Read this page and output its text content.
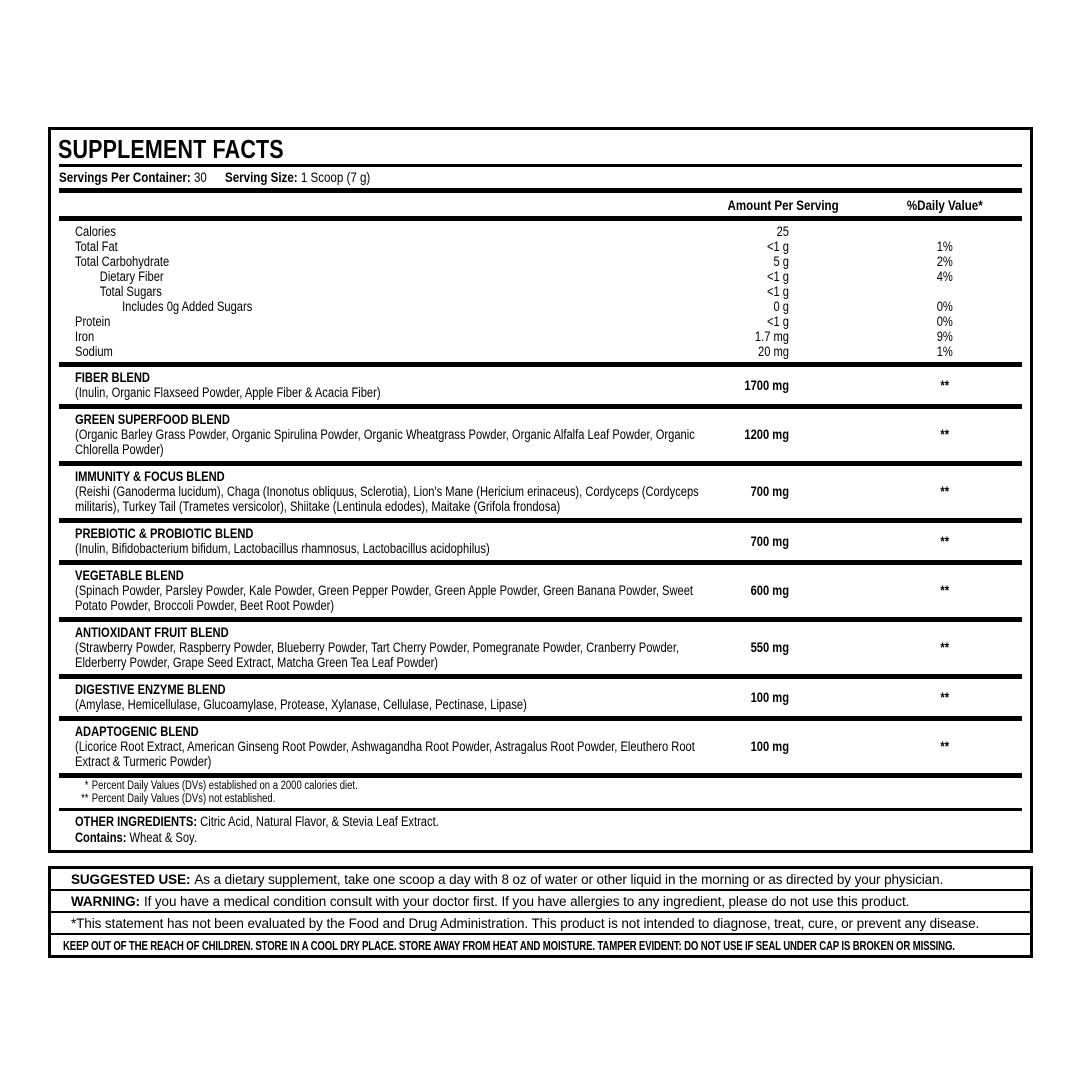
SUPPLEMENT FACTS
Servings Per Container: 30 Serving Size: 1 Scoop (7 g)
Amount Per Serving	%Daily Value*
Calories	25
Total Fat	<1 g	1%
Total Carbohydrate	5 g	2%
Dietary Fiber	<1 g	4%
Total Sugars	<1 g
Includes 0g Added Sugars	0 g	0%
Protein	<1 g	0%
Iron	1.7 mg	9%
Sodium	20 mg	1%
FIBER BLEND
(Inulin, Organic Flaxseed Powder, Apple Fiber & Acacia Fiber)	1700 mg	**
GREEN SUPERFOOD BLEND
(Organic Barley Grass Powder, Organic Spirulina Powder, Organic Wheatgrass Powder, Organic Alfalfa Leaf Powder, Organic Chlorella Powder)
1200 mg	**
IMMUNITY & FOCUS BLEND
(Reishi (Ganoderma lucidum), Chaga (Inonotus obliquus, Sclerotia), Lion's Mane (Hericium erinaceus), Cordyceps (Cordyceps militaris), Turkey Tail (Trametes versicolor), Shiitake (Lentinula edodes), Maitake (Grifola frondosa)
700 mg	**
PREBIOTIC & PROBIOTIC BLEND
(Inulin, Bifidobacterium bifidum, Lactobacillus rhamnosus, Lactobacillus acidophilus)	700 mg	**
VEGETABLE BLEND
(Spinach Powder, Parsley Powder, Kale Powder, Green Pepper Powder, Green Apple Powder, Green Banana Powder, Sweet Potato Powder, Broccoli Powder, Beet Root Powder)
600 mg	**
ANTIOXIDANT FRUIT BLEND
(Strawberry Powder, Raspberry Powder, Blueberry Powder, Tart Cherry Powder, Pomegranate Powder, Cranberry Powder, Elderberry Powder, Grape Seed Extract, Matcha Green Tea Leaf Powder)
550 mg	**
DIGESTIVE ENZYME BLEND
(Amylase, Hemicellulase, Glucoamylase, Protease, Xylanase, Cellulase, Pectinase, Lipase)	100 mg	**
ADAPTOGENIC BLEND
(Licorice Root Extract, American Ginseng Root Powder, Ashwagandha Root Powder, Astragalus Root Powder, Eleuthero Root Extract & Turmeric Powder)
100 mg	**
* Percent Daily Values (DVs) established on a 2000 calories diet.
** Percent Daily Values (DVs) not established.
OTHER INGREDIENTS: Citric Acid, Natural Flavor, & Stevia Leaf Extract.
Contains: Wheat & Soy.
SUGGESTED USE: As a dietary supplement, take one scoop a day with 8 oz of water or other liquid in the morning or as directed by your physician.
WARNING: If you have a medical condition consult with your doctor first. If you have allergies to any ingredient, please do not use this product.
*This statement has not been evaluated by the Food and Drug Administration. This product is not intended to diagnose, treat, cure, or prevent any disease.
KEEP OUT OF THE REACH OF CHILDREN. STORE IN A COOL DRY PLACE. STORE AWAY FROM HEAT AND MOISTURE. TAMPER EVIDENT: DO NOT USE IF SEAL UNDER CAP IS BROKEN OR MISSING.
